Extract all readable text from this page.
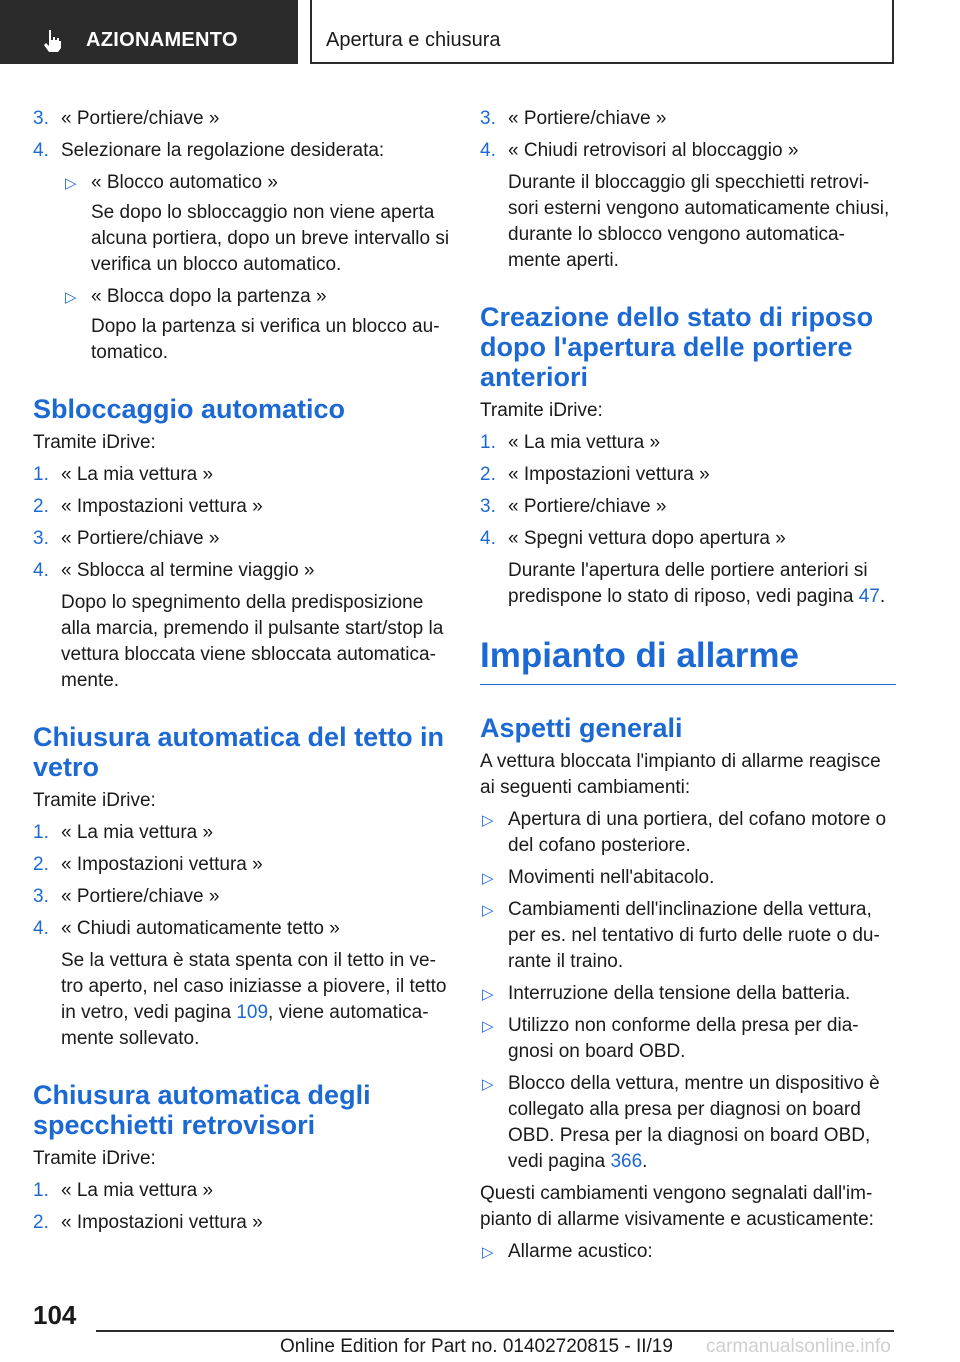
AZIONAMENTO	Apertura e chiusura
3. « Portiere/chiave »
4. Selezionare la regolazione desiderata:
▷ « Blocco automatico »
Se dopo lo sbloccaggio non viene aperta alcuna portiera, dopo un breve intervallo si verifica un blocco automatico.
▷ « Blocca dopo la partenza »
Dopo la partenza si verifica un blocco au-tomatico.
Sbloccaggio automatico
Tramite iDrive:
1. « La mia vettura »
2. « Impostazioni vettura »
3. « Portiere/chiave »
4. « Sblocca al termine viaggio »
Dopo lo spegnimento della predisposizione alla marcia, premendo il pulsante start/stop la vettura bloccata viene sbloccata automatica-mente.
Chiusura automatica del tetto in vetro
Tramite iDrive:
1. « La mia vettura »
2. « Impostazioni vettura »
3. « Portiere/chiave »
4. « Chiudi automaticamente tetto »
Se la vettura è stata spenta con il tetto in ve-tro aperto, nel caso iniziasse a piovere, il tetto in vetro, vedi pagina 109, viene automatica-mente sollevato.
Chiusura automatica degli specchietti retrovisori
Tramite iDrive:
1. « La mia vettura »
2. « Impostazioni vettura »
3. « Portiere/chiave »
4. « Chiudi retrovisori al bloccaggio »
Durante il bloccaggio gli specchietti retrovi-sori esterni vengono automaticamente chiusi, durante lo sblocco vengono automatica-mente aperti.
Creazione dello stato di riposo dopo l'apertura delle portiere anteriori
Tramite iDrive:
1. « La mia vettura »
2. « Impostazioni vettura »
3. « Portiere/chiave »
4. « Spegni vettura dopo apertura »
Durante l'apertura delle portiere anteriori si predispone lo stato di riposo, vedi pagina 47.
Impianto di allarme
Aspetti generali
A vettura bloccata l'impianto di allarme reagisce ai seguenti cambiamenti:
▷ Apertura di una portiera, del cofano motore o del cofano posteriore.
▷ Movimenti nell'abitacolo.
▷ Cambiamenti dell'inclinazione della vettura, per es. nel tentativo di furto delle ruote o du-rante il traino.
▷ Interruzione della tensione della batteria.
▷ Utilizzo non conforme della presa per dia-gnosi on board OBD.
▷ Blocco della vettura, mentre un dispositivo è collegato alla presa per diagnosi on board OBD. Presa per la diagnosi on board OBD, vedi pagina 366.
Questi cambiamenti vengono segnalati dall'im-pianto di allarme visivamente e acusticamente:
▷ Allarme acustico:
104
Online Edition for Part no. 01402720815 - II/19 carmanualsonline.info
